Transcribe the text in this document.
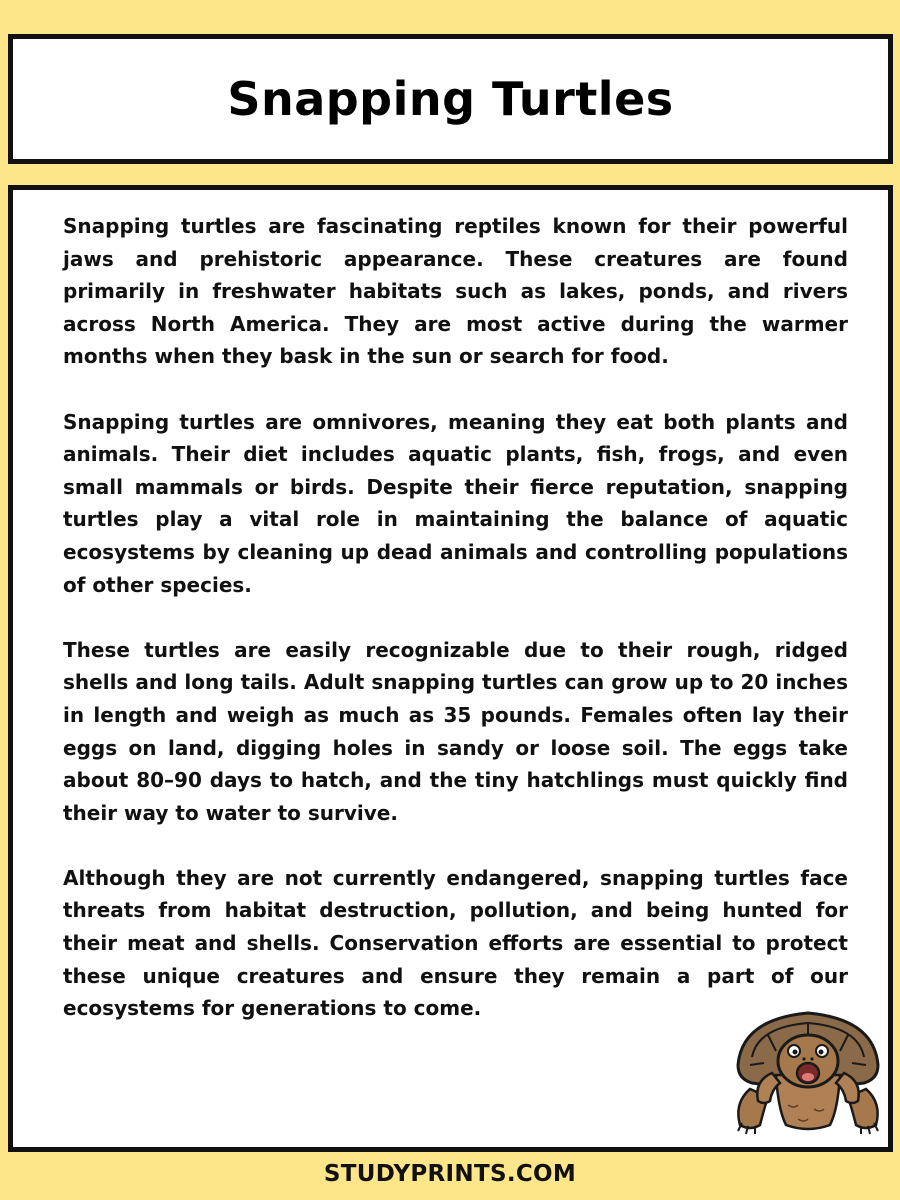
Snapping Turtles

Snapping turtles are fascinating reptiles known for their powerful jaws and prehistoric appearance. These creatures are found primarily in freshwater habitats such as lakes, ponds, and rivers across North America. They are most active during the warmer months when they bask in the sun or search for food.

Snapping turtles are omnivores, meaning they eat both plants and animals. Their diet includes aquatic plants, fish, frogs, and even small mammals or birds. Despite their fierce reputation, snapping turtles play a vital role in maintaining the balance of aquatic ecosystems by cleaning up dead animals and controlling populations of other species.

These turtles are easily recognizable due to their rough, ridged shells and long tails. Adult snapping turtles can grow up to 20 inches in length and weigh as much as 35 pounds. Females often lay their eggs on land, digging holes in sandy or loose soil. The eggs take about 80–90 days to hatch, and the tiny hatchlings must quickly find their way to water to survive.

Although they are not currently endangered, snapping turtles face threats from habitat destruction, pollution, and being hunted for their meat and shells. Conservation efforts are essential to protect these unique creatures and ensure they remain a part of our ecosystems for generations to come.

STUDYPRINTS.COM
